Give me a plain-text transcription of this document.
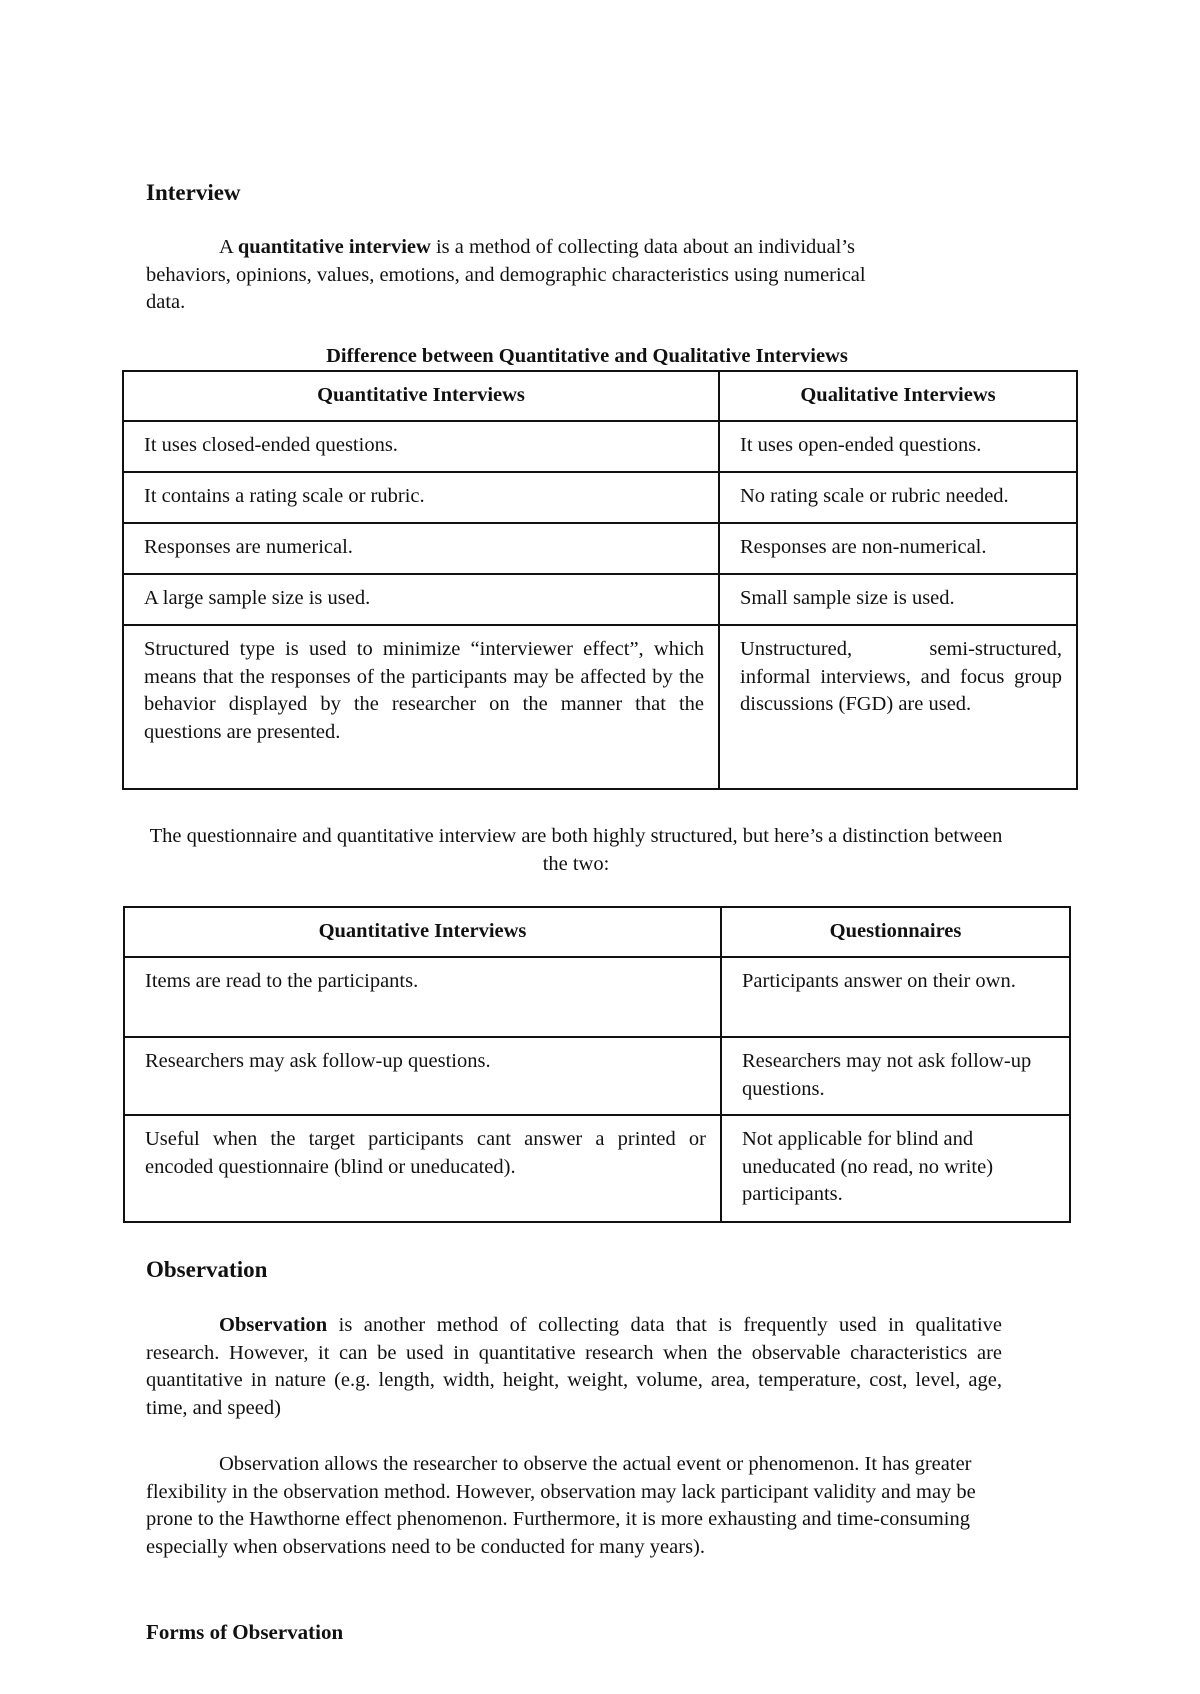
Interview

A quantitative interview is a method of collecting data about an individual’s behaviors, opinions, values, emotions, and demographic characteristics using numerical data.

Difference between Quantitative and Qualitative Interviews
Quantitative Interviews	Qualitative Interviews
It uses closed-ended questions.	It uses open-ended questions.
It contains a rating scale or rubric.	No rating scale or rubric needed.
Responses are numerical.	Responses are non-numerical.
A large sample size is used.	Small sample size is used.
Structured type is used to minimize “interviewer effect”, which means that the responses of the participants may be affected by the behavior displayed by the researcher on the manner that the questions are presented.	Unstructured, semi-structured, informal interviews, and focus group discussions (FGD) are used.

The questionnaire and quantitative interview are both highly structured, but here’s a distinction between the two:

Quantitative Interviews	Questionnaires
Items are read to the participants.	Participants answer on their own.
Researchers may ask follow-up questions.	Researchers may not ask follow-up questions.
Useful when the target participants cant answer a printed or encoded questionnaire (blind or uneducated).	Not applicable for blind and uneducated (no read, no write) participants.
Observation

Observation is another method of collecting data that is frequently used in qualitative research. However, it can be used in quantitative research when the observable characteristics are quantitative in nature (e.g. length, width, height, weight, volume, area, temperature, cost, level, age, time, and speed)

Observation allows the researcher to observe the actual event or phenomenon. It has greater flexibility in the observation method. However, observation may lack participant validity and may be prone to the Hawthorne effect phenomenon. Furthermore, it is more exhausting and time-consuming especially when observations need to be conducted for many years).

Forms of Observation
